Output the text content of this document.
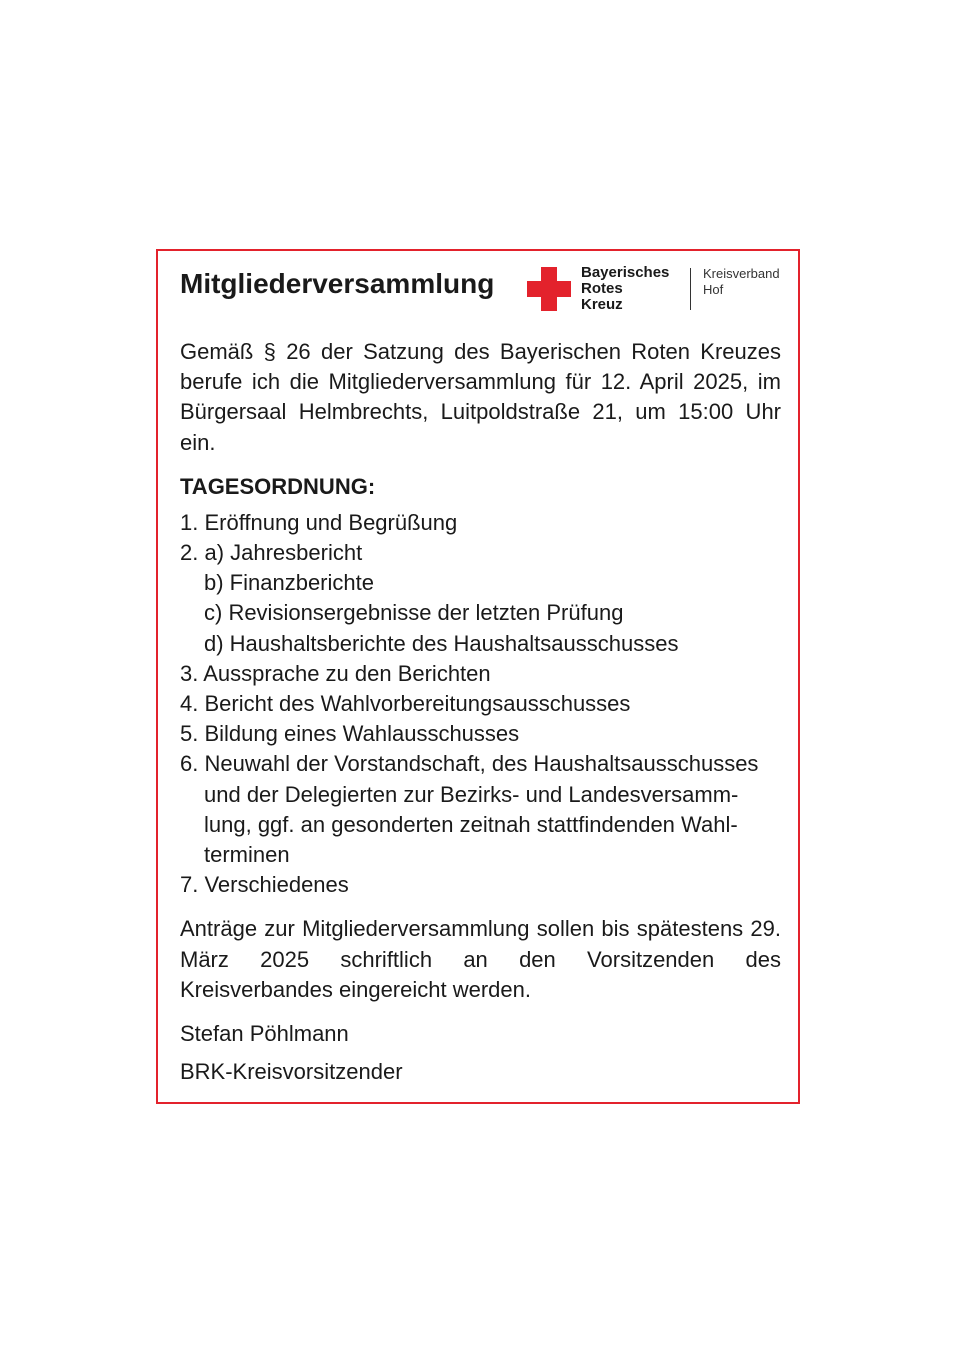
Mitgliederversammlung	Bayerisches
Rotes
Kreuz
Kreisverband
Hof

Gemäß § 26 der Satzung des Bayerischen Roten Kreuzes berufe ich die Mitgliederversammlung für 12. April 2025, im Bürgersaal Helmbrechts, Luitpoldstraße 21, um 15:00 Uhr ein.

TAGESORDNUNG:
1. Eröffnung und Begrüßung
2. a) Jahresbericht
b) Finanzberichte
c) Revisionsergebnisse der letzten Prüfung
d) Haushaltsberichte des Haushaltsausschusses
3. Aussprache zu den Berichten
4. Bericht des Wahlvorbereitungsausschusses
5. Bildung eines Wahlausschusses
6. Neuwahl der Vorstandschaft, des Haushaltsausschusses
und der Delegierten zur Bezirks- und Landesversamm-
lung, ggf. an gesonderten zeitnah stattfindenden Wahl-
terminen
7. Verschiedenes

Anträge zur Mitgliederversammlung sollen bis spätestens 29. März 2025 schriftlich an den Vorsitzenden des Kreisverbandes eingereicht werden.

Stefan Pöhlmann

BRK-Kreisvorsitzender
